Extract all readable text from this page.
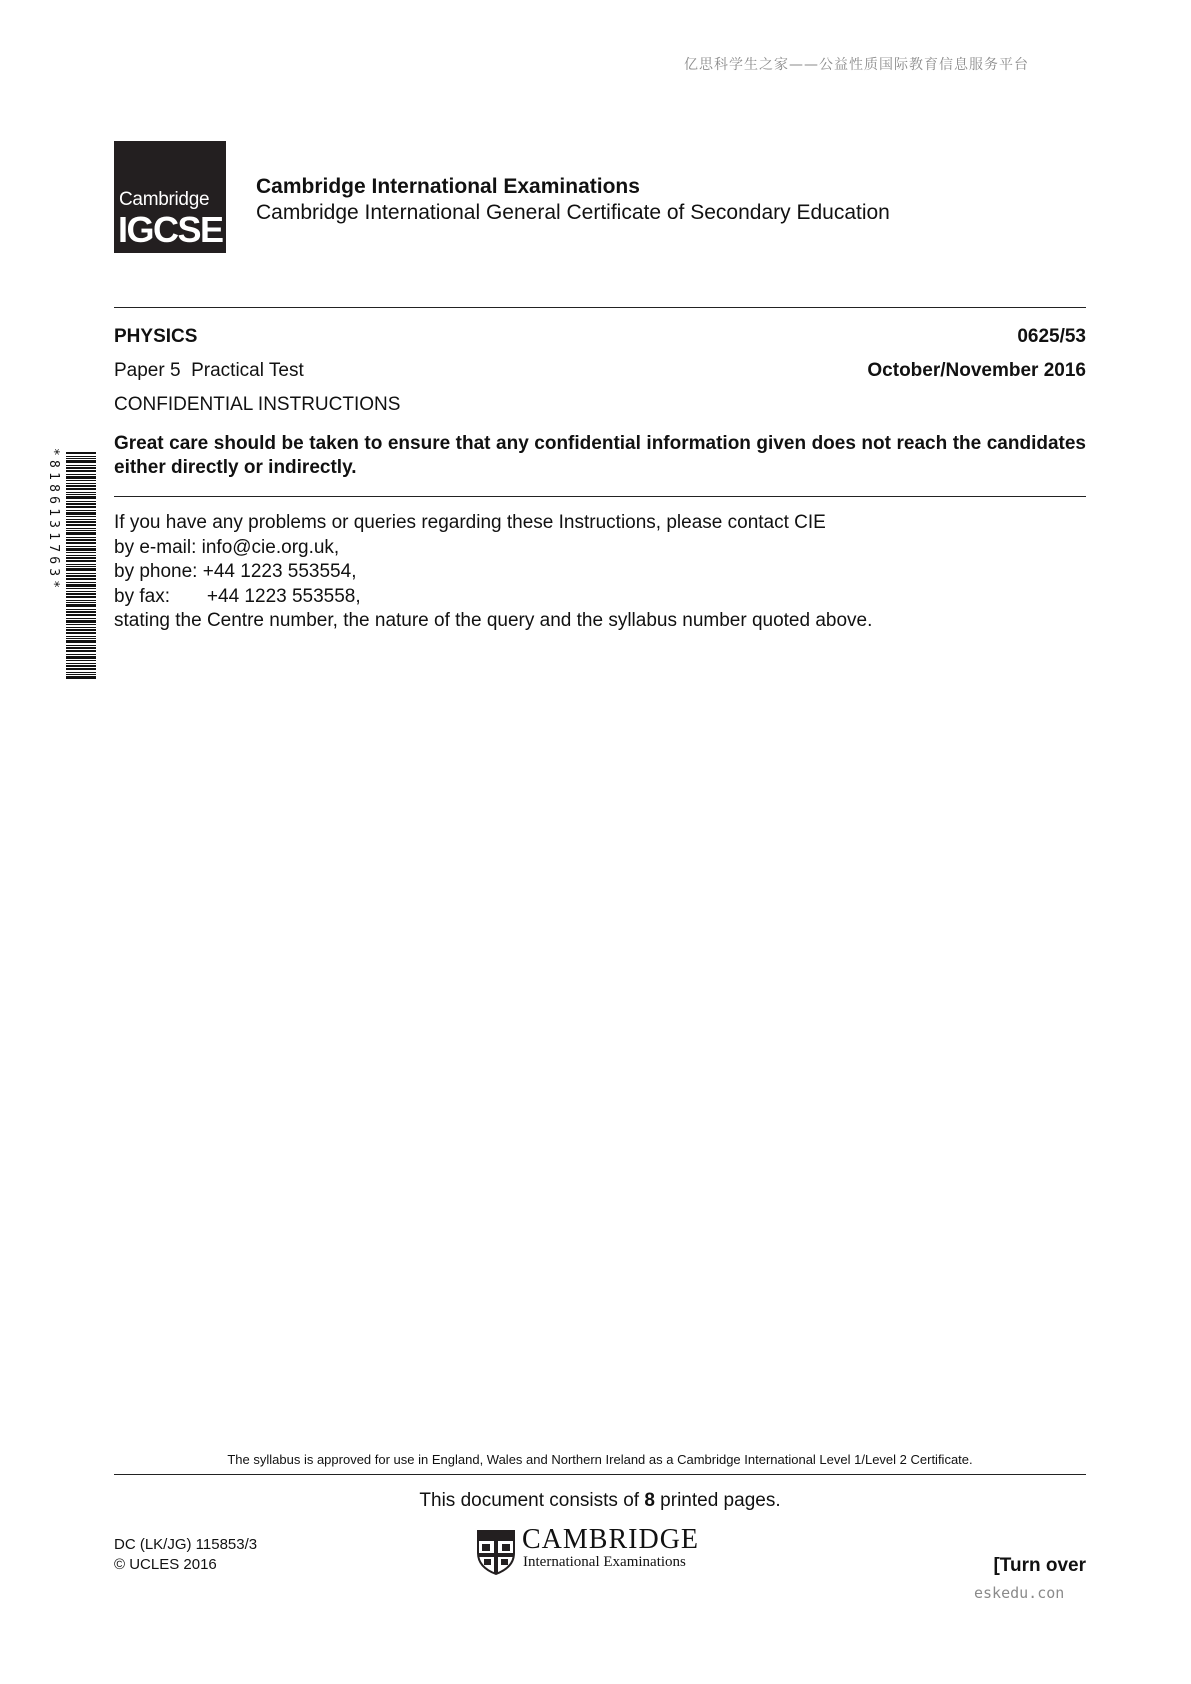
亿思科学生之家——公益性质国际教育信息服务平台
Cambridge
IGCSE
Cambridge International Examinations
Cambridge International General Certificate of Secondary Education
PHYSICS	0625/53
Paper 5  Practical Test	October/November 2016
CONFIDENTIAL INSTRUCTIONS
Great care should be taken to ensure that any confidential information given does not reach the candidates either directly or indirectly.
If you have any problems or queries regarding these Instructions, please contact CIE
by e-mail: info@cie.org.uk,
by phone: +44 1223 553554,
by fax:       +44 1223 553558,
stating the Centre number, the nature of the query and the syllabus number quoted above.
*8186131763*
The syllabus is approved for use in England, Wales and Northern Ireland as a Cambridge International Level 1/Level 2 Certificate.
This document consists of 8 printed pages.
DC (LK/JG) 115853/3
© UCLES 2016
CAMBRIDGE
International Examinations	[Turn over
eskedu.con
